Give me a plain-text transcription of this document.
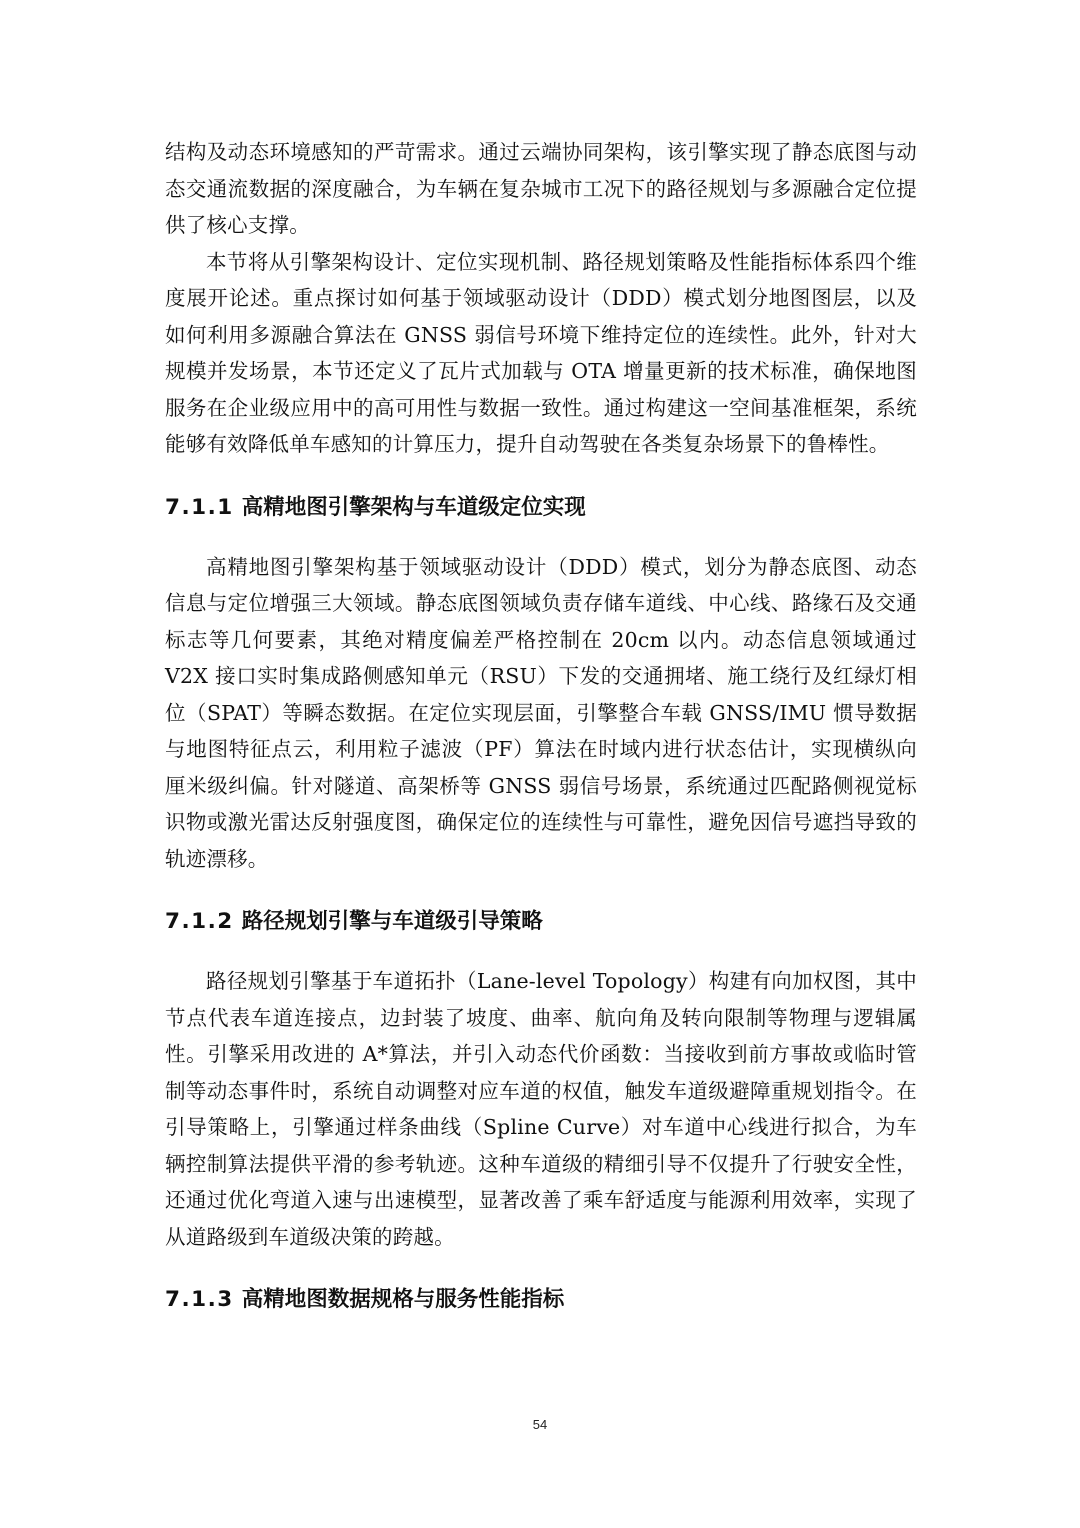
结构及动态环境感知的严苛需求。通过云端协同架构，该引擎实现了静态底图与动态交通流数据的深度融合，为车辆在复杂城市工况下的路径规划与多源融合定位提供了核心支撑。

本节将从引擎架构设计、定位实现机制、路径规划策略及性能指标体系四个维度展开论述。重点探讨如何基于领域驱动设计（DDD）模式划分地图图层，以及如何利用多源融合算法在 GNSS 弱信号环境下维持定位的连续性。此外，针对大规模并发场景，本节还定义了瓦片式加载与 OTA 增量更新的技术标准，确保地图服务在企业级应用中的高可用性与数据一致性。通过构建这一空间基准框架，系统能够有效降低单车感知的计算压力，提升自动驾驶在各类复杂场景下的鲁棒性。

7.1.1 高精地图引擎架构与车道级定位实现

高精地图引擎架构基于领域驱动设计（DDD）模式，划分为静态底图、动态信息与定位增强三大领域。静态底图领域负责存储车道线、中心线、路缘石及交通标志等几何要素，其绝对精度偏差严格控制在 20cm 以内。动态信息领域通过 V2X 接口实时集成路侧感知单元（RSU）下发的交通拥堵、施工绕行及红绿灯相位（SPAT）等瞬态数据。在定位实现层面，引擎整合车载 GNSS/IMU 惯导数据与地图特征点云，利用粒子滤波（PF）算法在时域内进行状态估计，实现横纵向厘米级纠偏。针对隧道、高架桥等 GNSS 弱信号场景，系统通过匹配路侧视觉标识物或激光雷达反射强度图，确保定位的连续性与可靠性，避免因信号遮挡导致的轨迹漂移。

7.1.2 路径规划引擎与车道级引导策略

路径规划引擎基于车道拓扑（Lane-level Topology）构建有向加权图，其中节点代表车道连接点，边封装了坡度、曲率、航向角及转向限制等物理与逻辑属性。引擎采用改进的 A*算法，并引入动态代价函数：当接收到前方事故或临时管制等动态事件时，系统自动调整对应车道的权值，触发车道级避障重规划指令。在引导策略上，引擎通过样条曲线（Spline Curve）对车道中心线进行拟合，为车辆控制算法提供平滑的参考轨迹。这种车道级的精细引导不仅提升了行驶安全性，还通过优化弯道入速与出速模型，显著改善了乘车舒适度与能源利用效率，实现了从道路级到车道级决策的跨越。

7.1.3 高精地图数据规格与服务性能指标
54
